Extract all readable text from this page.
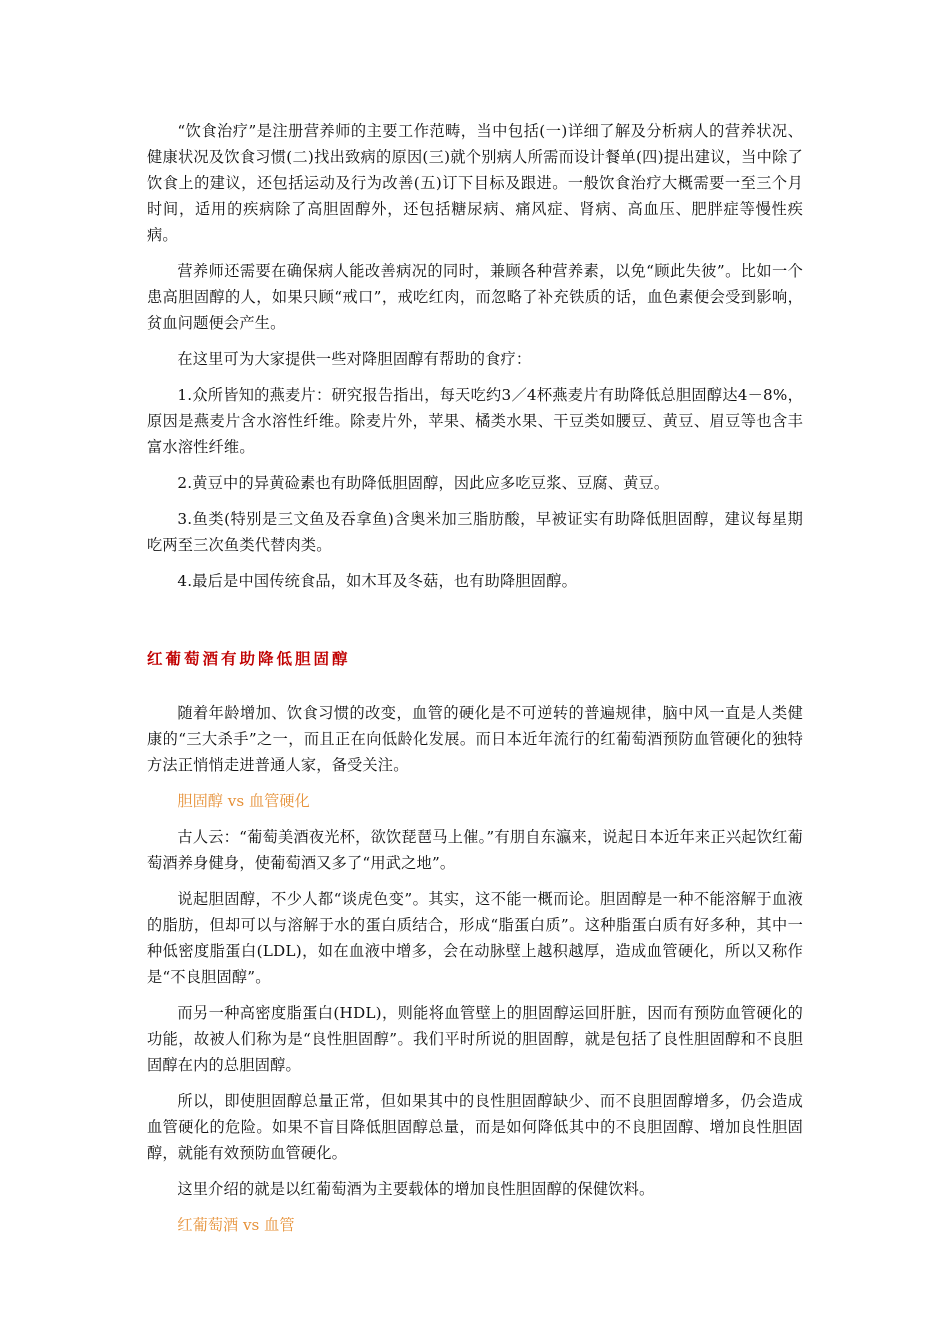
“饮食治疗”是注册营养师的主要工作范畴，当中包括(一)详细了解及分析病人的营养状况、健康状况及饮食习惯(二)找出致病的原因(三)就个别病人所需而设计餐单(四)提出建议，当中除了饮食上的建议，还包括运动及行为改善(五)订下目标及跟进。一般饮食治疗大概需要一至三个月时间，适用的疾病除了高胆固醇外，还包括糖尿病、痛风症、肾病、高血压、肥胖症等慢性疾病。

营养师还需要在确保病人能改善病况的同时，兼顾各种营养素，以免“顾此失彼”。比如一个患高胆固醇的人，如果只顾“戒口”，戒吃红肉，而忽略了补充铁质的话，血色素便会受到影响，贫血问题便会产生。

在这里可为大家提供一些对降胆固醇有帮助的食疗：

1.众所皆知的燕麦片：研究报告指出，每天吃约3／4杯燕麦片有助降低总胆固醇达4－8%，原因是燕麦片含水溶性纤维。除麦片外，苹果、橘类水果、干豆类如腰豆、黄豆、眉豆等也含丰富水溶性纤维。

2.黄豆中的异黄硷素也有助降低胆固醇，因此应多吃豆浆、豆腐、黄豆。

3.鱼类(特别是三文鱼及吞拿鱼)含奥米加三脂肪酸，早被证实有助降低胆固醇，建议每星期吃两至三次鱼类代替肉类。

4.最后是中国传统食品，如木耳及冬菇，也有助降胆固醇。

红葡萄酒有助降低胆固醇

随着年龄增加、饮食习惯的改变，血管的硬化是不可逆转的普遍规律，脑中风一直是人类健康的“三大杀手”之一，而且正在向低龄化发展。而日本近年流行的红葡萄酒预防血管硬化的独特方法正悄悄走进普通人家，备受关注。

胆固醇 vs 血管硬化

古人云：“葡萄美酒夜光杯，欲饮琵琶马上催。”有朋自东瀛来，说起日本近年来正兴起饮红葡萄酒养身健身，使葡萄酒又多了“用武之地”。

说起胆固醇，不少人都“谈虎色变”。其实，这不能一概而论。胆固醇是一种不能溶解于血液的脂肪，但却可以与溶解于水的蛋白质结合，形成“脂蛋白质”。这种脂蛋白质有好多种，其中一种低密度脂蛋白(LDL)，如在血液中增多，会在动脉壁上越积越厚，造成血管硬化，所以又称作是“不良胆固醇”。

而另一种高密度脂蛋白(HDL)，则能将血管壁上的胆固醇运回肝脏，因而有预防血管硬化的功能，故被人们称为是“良性胆固醇”。我们平时所说的胆固醇，就是包括了良性胆固醇和不良胆固醇在内的总胆固醇。

所以，即使胆固醇总量正常，但如果其中的良性胆固醇缺少、而不良胆固醇增多，仍会造成血管硬化的危险。如果不盲目降低胆固醇总量，而是如何降低其中的不良胆固醇、增加良性胆固醇，就能有效预防血管硬化。

这里介绍的就是以红葡萄酒为主要载体的增加良性胆固醇的保健饮料。

红葡萄酒 vs 血管
